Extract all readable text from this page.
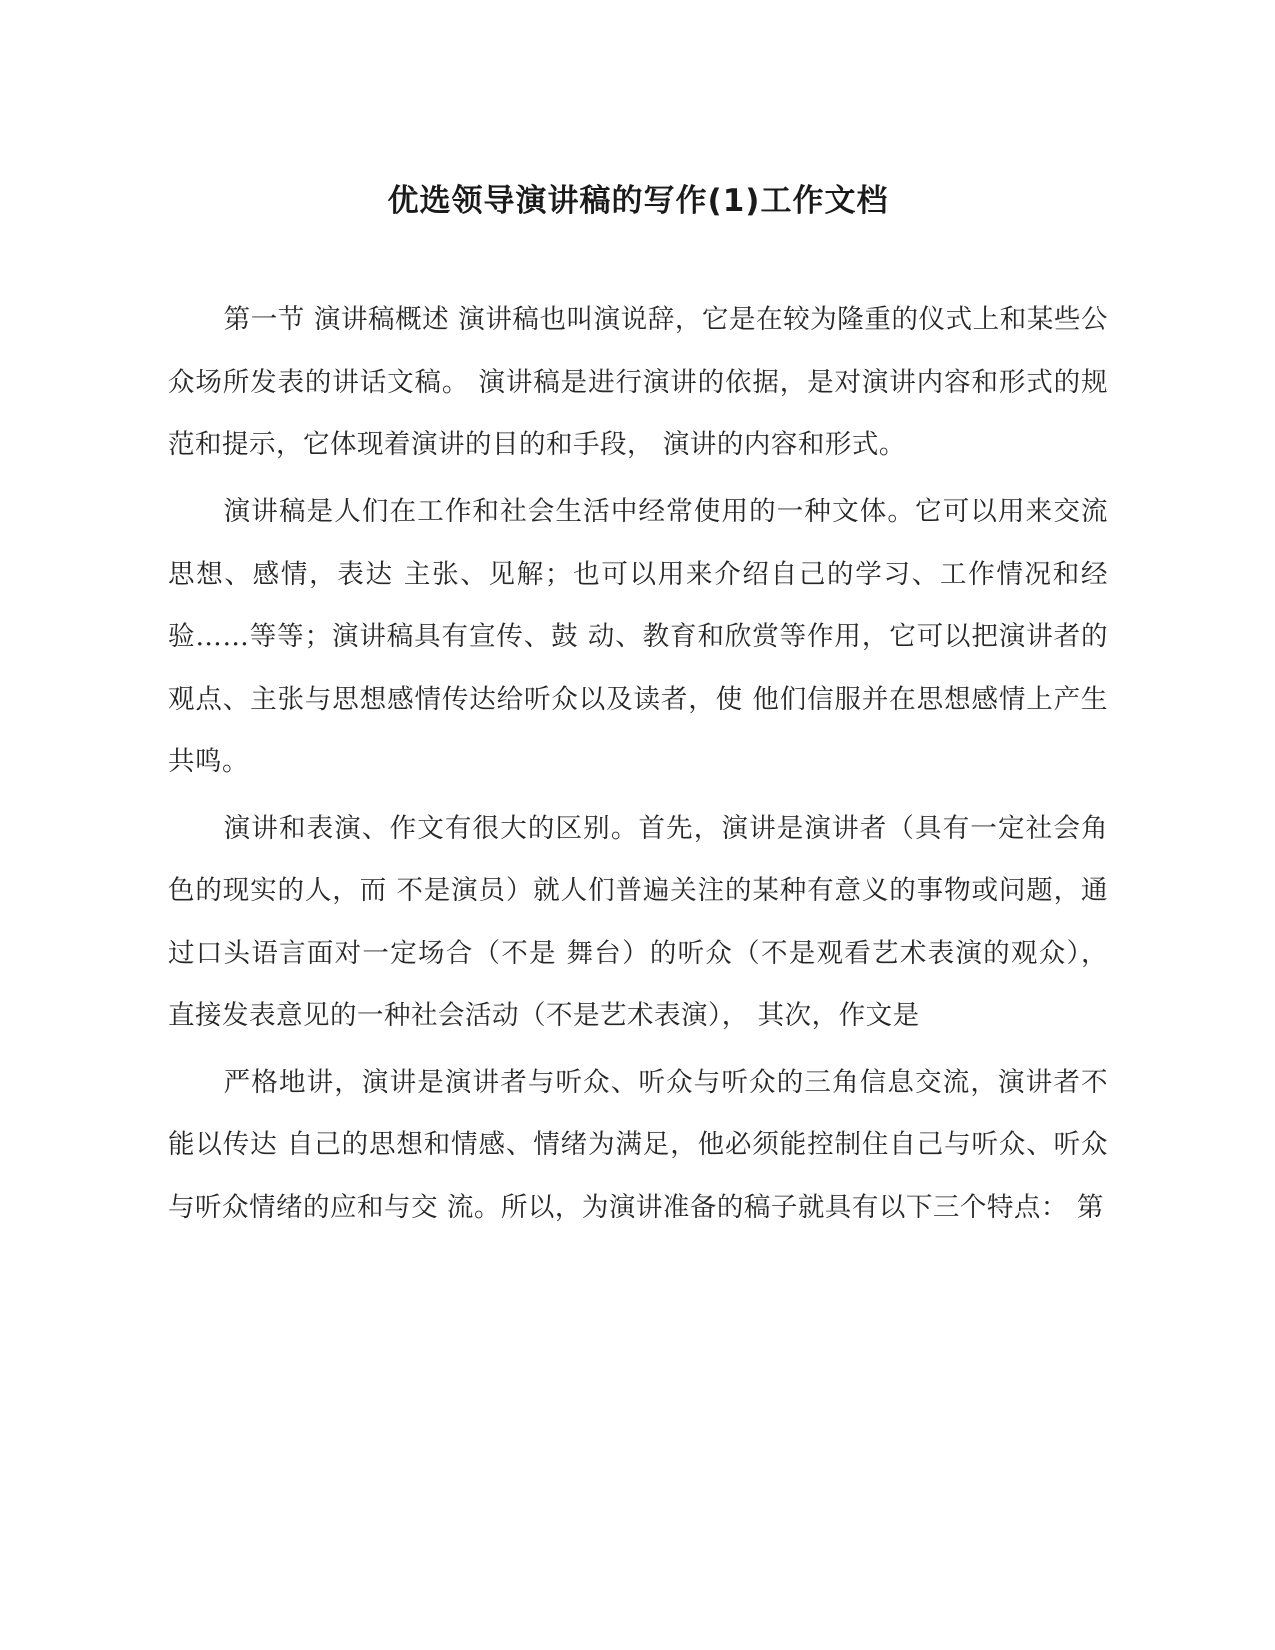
优选领导演讲稿的写作(1)工作文档

第一节 演讲稿概述 演讲稿也叫演说辞，它是在较为隆重的仪式上和某些公众场所发表的讲话文稿。 演讲稿是进行演讲的依据，是对演讲内容和形式的规范和提示，它体现着演讲的目的和手段， 演讲的内容和形式。

演讲稿是人们在工作和社会生活中经常使用的一种文体。它可以用来交流思想、感情，表达 主张、见解；也可以用来介绍自己的学习、工作情况和经验……等等；演讲稿具有宣传、鼓 动、教育和欣赏等作用，它可以把演讲者的观点、主张与思想感情传达给听众以及读者，使 他们信服并在思想感情上产生共鸣。

演讲和表演、作文有很大的区别。首先，演讲是演讲者（具有一定社会角色的现实的人，而 不是演员）就人们普遍关注的某种有意义的事物或问题，通过口头语言面对一定场合（不是 舞台）的听众（不是观看艺术表演的观众），直接发表意见的一种社会活动（不是艺术表演）， 其次，作文是

严格地讲，演讲是演讲者与听众、听众与听众的三角信息交流，演讲者不能以传达 自己的思想和情感、情绪为满足，他必须能控制住自己与听众、听众与听众情绪的应和与交 流。所以，为演讲准备的稿子就具有以下三个特点： 第
